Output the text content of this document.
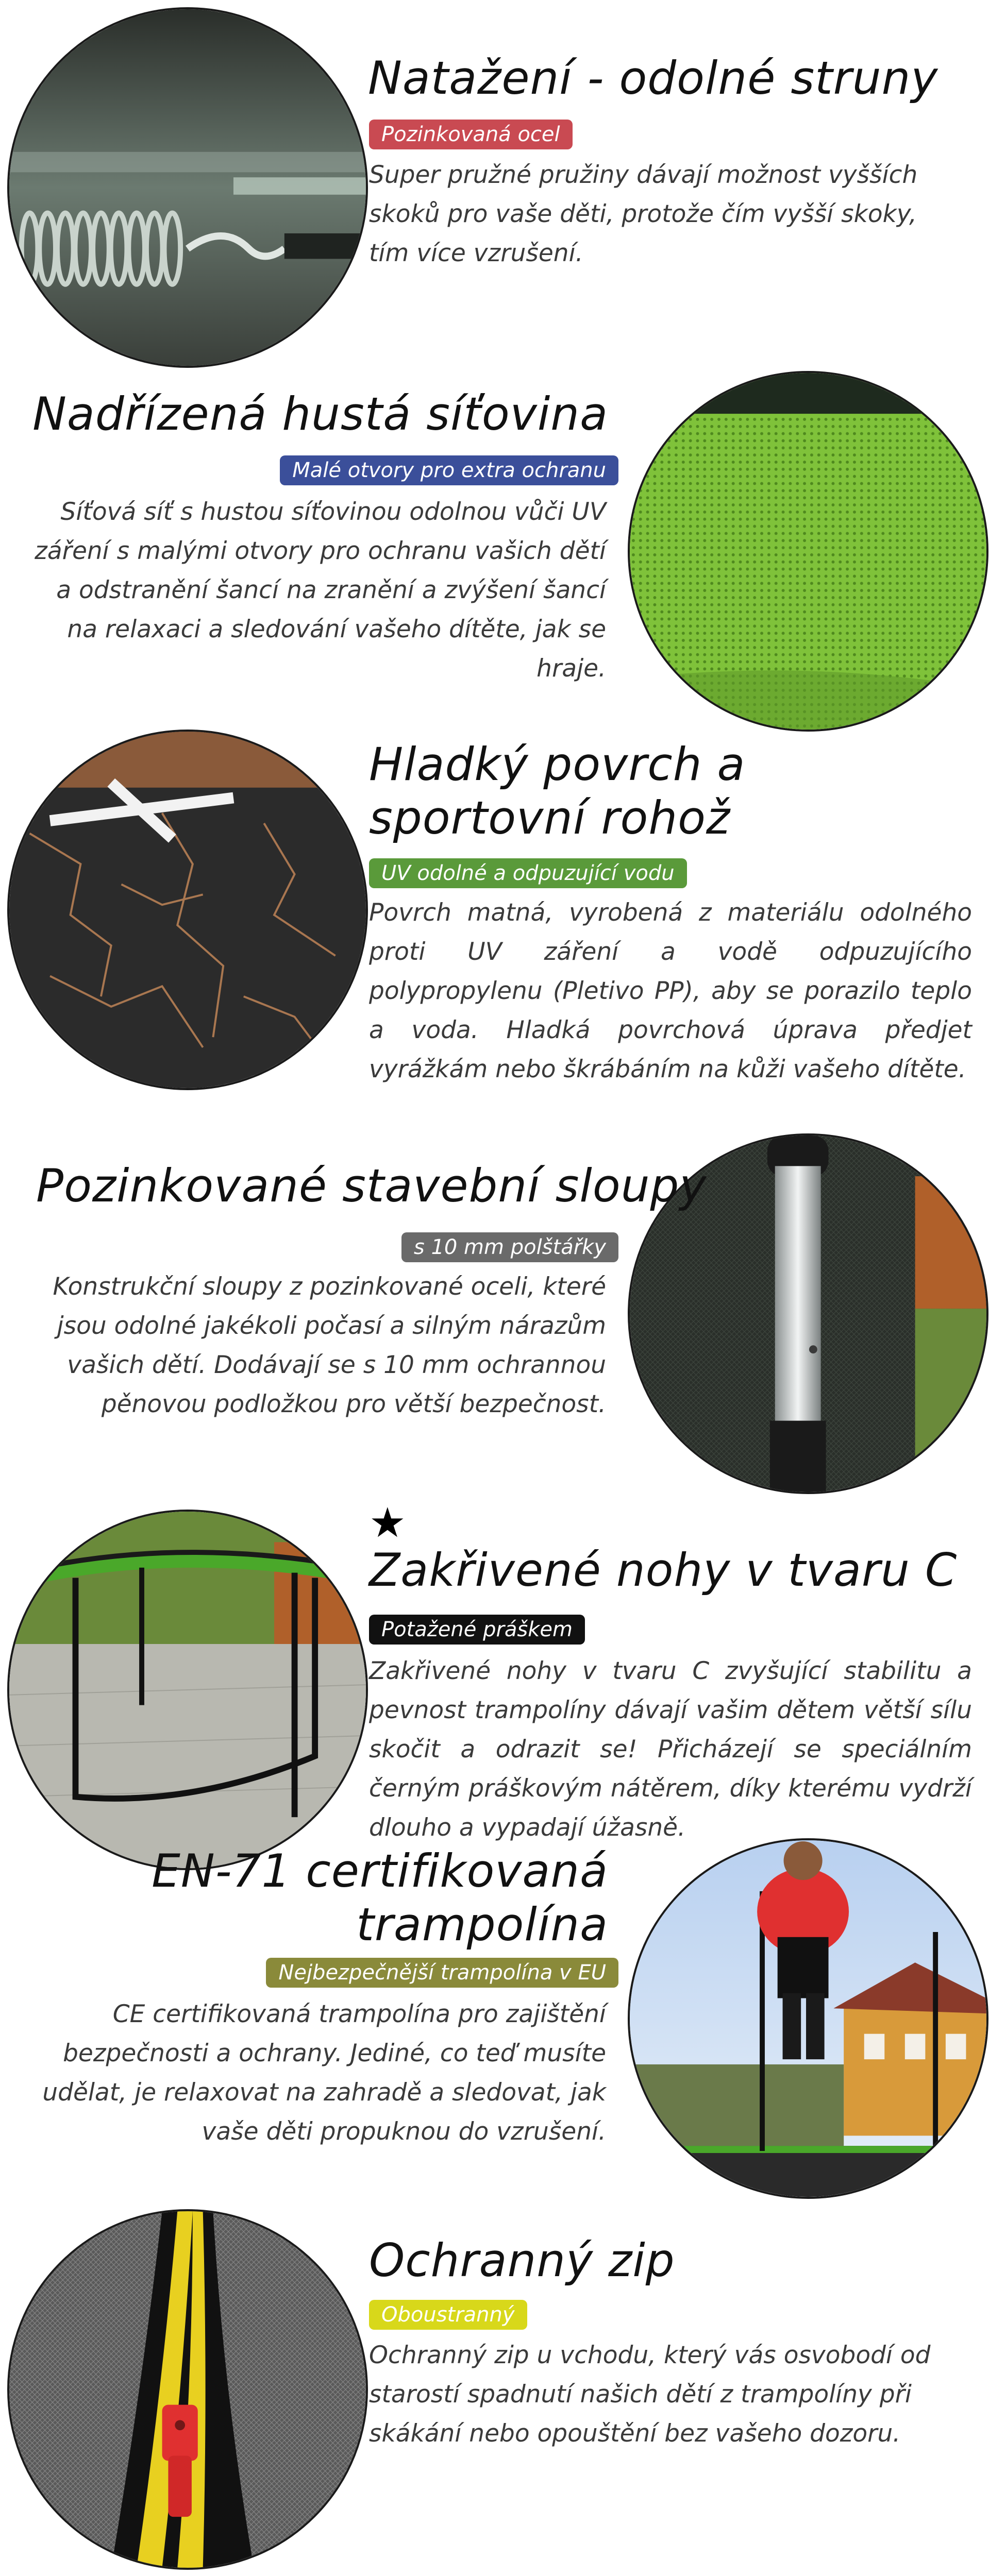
Natažení - odolné struny
Pozinkovaná ocel

Super pružné pružiny dávají možnost vyšších skoků pro vaše děti, protože čím vyšší skoky, tím více vzrušení.

Nadřízená hustá síťovina
Malé otvory pro extra ochranu

Síťová síť s hustou síťovinou odolnou vůči UV záření s malými otvory pro ochranu vašich dětí a odstranění šancí na zranění a zvýšení šancí na relaxaci a sledování vašeho dítěte, jak se hraje.

Hladký povrch a sportovní rohož
UV odolné a odpuzující vodu

Povrch matná, vyrobená z materiálu odolného proti UV záření a vodě odpuzujícího polypropylenu (Pletivo PP), aby se porazilo teplo a voda. Hladká povrchová úprava předjet vyrážkám nebo škrábáním na kůži vašeho dítěte.

Pozinkované stavební sloupy
s 10 mm polštářky

Konstrukční sloupy z pozinkované oceli, které jsou odolné jakékoli počasí a silným nárazům vašich dětí. Dodávají se s 10 mm ochrannou pěnovou podložkou pro větší bezpečnost.

★
Zakřivené nohy v tvaru C
Potažené práškem

Zakřivené nohy v tvaru C zvyšující stabilitu a pevnost trampolíny dávají vašim dětem větší sílu skočit a odrazit se! Přicházejí se speciálním černým práškovým nátěrem, díky kterému vydrží dlouho a vypadají úžasně.

EN-71 certifikovaná
trampolína
Nejbezpečnější trampolína v EU

CE certifikovaná trampolína pro zajištění bezpečnosti a ochrany. Jediné, co teď musíte udělat, je relaxovat na zahradě a sledovat, jak vaše děti propuknou do vzrušení.

Ochranný zip
Oboustranný

Ochranný zip u vchodu, který vás osvobodí od starostí spadnutí našich dětí z trampolíny při skákání nebo opouštění bez vašeho dozoru.
